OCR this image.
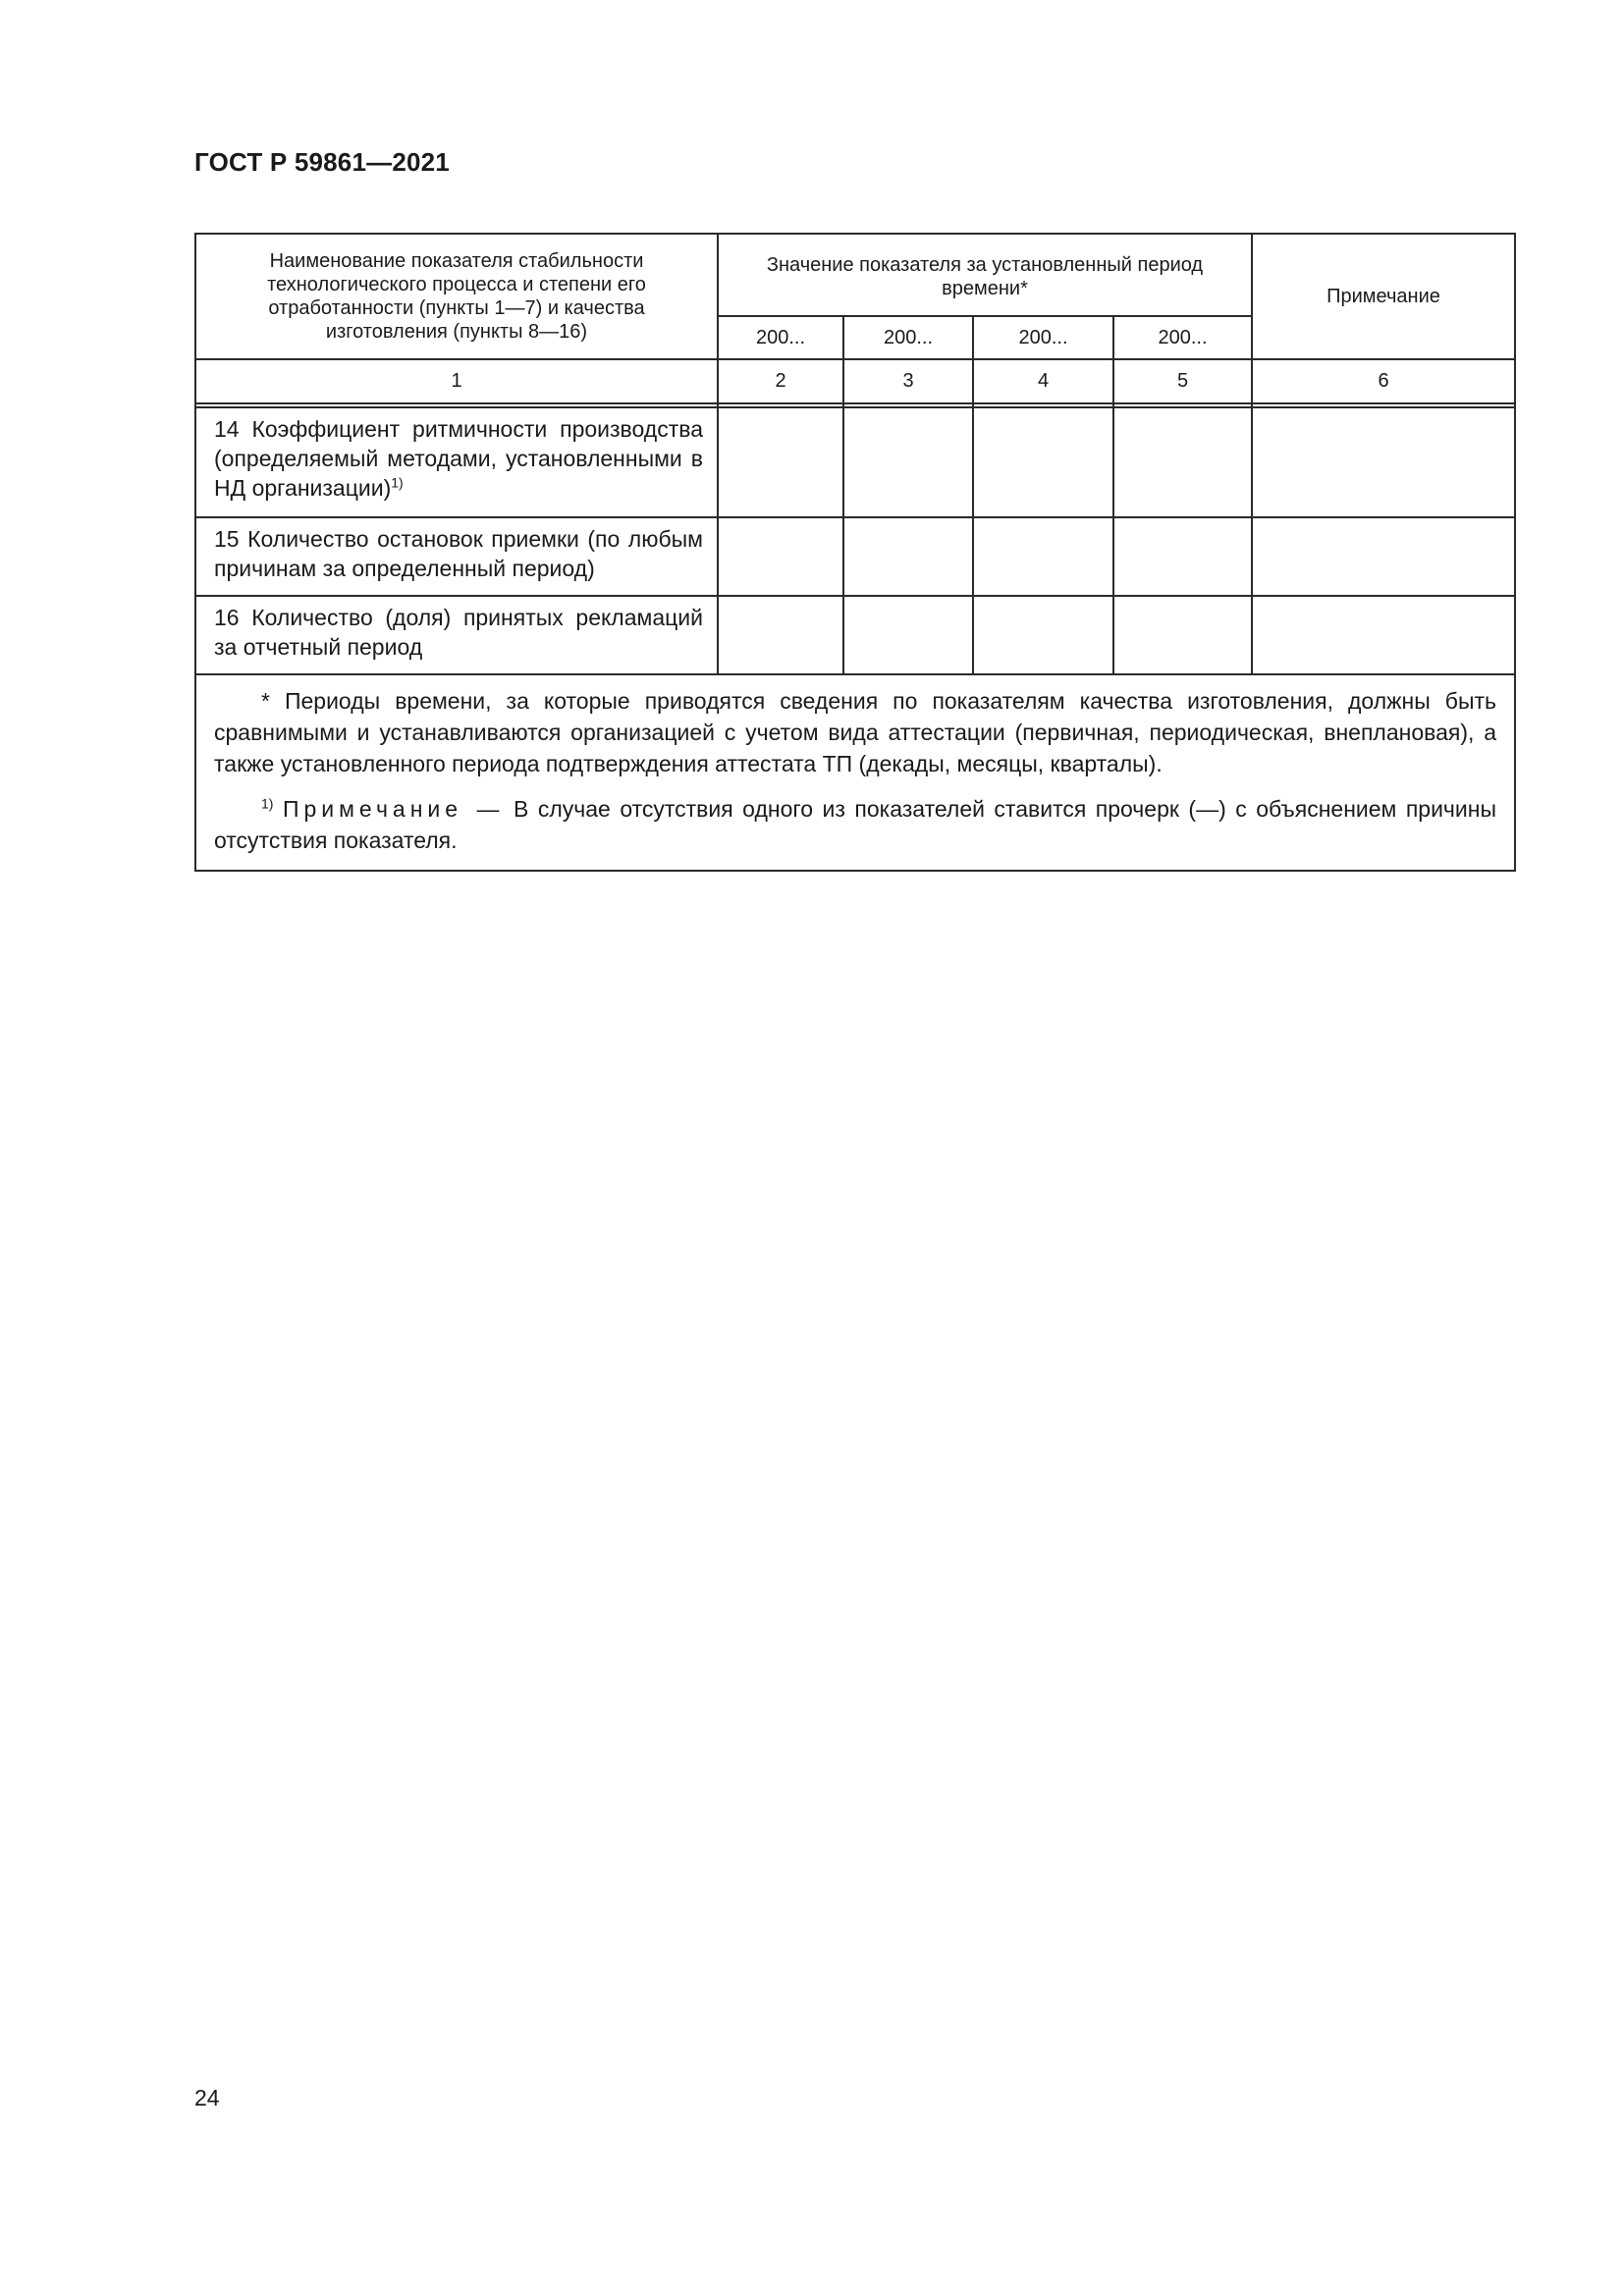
ГОСТ Р 59861—2021
Наименование показателя стабильности технологического процесса и степени его отработанности (пункты 1—7) и качества изготовления (пункты 8—16)	Значение показателя за установленный период времени*				Примечание
	200...	200...	200...	200...	
1	2	3	4	5	6

14 Коэффициент ритмичности производства (определяемый методами, установленными в НД организации)$^{1)}$					
15 Количество остановок приемки (по любым причинам за определенный период)					
16 Количество (доля) принятых рекламаций за отчетный период					

* Периоды времени, за которые приводятся сведения по показателям качества изготовления, должны быть сравнимыми и устанавливаются организацией с учетом вида аттестации (первичная, периодическая, внеплановая), а также установленного периода подтверждения аттестата ТП (декады, месяцы, кварталы).

$^{1)}$ Примечание — В случае отсутствия одного из показателей ставится прочерк (—) с объяснением причины отсутствия показателя.					

24
